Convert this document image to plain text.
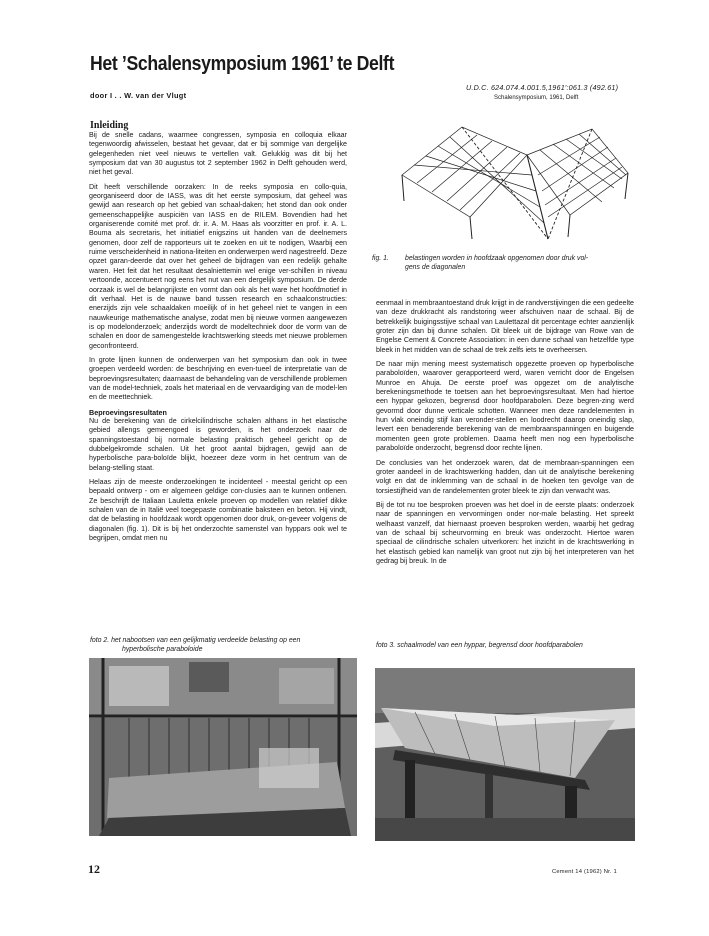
Het ’Schalensymposium 1961’ te Delft
door I . . W. van der Vlugt
U.D.C. 624.074.4.001.5,1961':061.3 (492.61)
Schalensymposium, 1961, Delft
Inleiding

Bij de snelle cadans, waarmee congressen, symposia en colloquia elkaar tegenwoordig afwisselen, bestaat het gevaar, dat er bij sommige van dergelijke gelegenheden niet veel nieuws te vertellen valt. Gelukkig was dit bij het symposium dat van 30 augustus tot 2 september 1962 in Delft gehouden werd, niet het geval.

Dit heeft verschillende oorzaken: In de reeks symposia en collo-quia, georganiseerd door de IASS, was dit het eerste symposium, dat geheel was gewijd aan research op het gebied van schaal-daken; het stond dan ook onder gemeenschappelijke auspiciën van IASS en de RILEM. Bovendien had het organiserende comité met prof. dr. ir. A. M. Haas als voorzitter en prof. ir. A. L. Bouma als secretaris, het initiatief enigszins uit handen van de deelnemers genomen, door zelf de rapporteurs uit te zoeken en uit te nodigen, Waarbij een ruime verscheidenheid in nationa-liteiten en onderwerpen werd nagestreefd. Deze opzet garan-deerde dat over het geheel de bijdragen van een redelijk gehalte waren. Het feit dat het resultaat desalniettemin wel enige ver-schillen in niveau vertoonde, accentueert nog eens het nut van een dergelijk symposium. De derde oorzaak is wel de belangrijkste en vormt dan ook als het ware het hoofdmotief in dit verhaal. Het is de nauwe band tussen research en schaalconstructies: enerzijds zijn vele schaaldaken moeilijk of in het geheel niet te vangen in een nauwkeurige mathematische analyse, zodat men bij nieuwe vormen aangewezen is op modelonderzoek; anderzijds wordt de modeltechniek door de vorm van de schalen en door de samengestelde krachtswerking steeds met nieuwe problemen geconfronteerd.

In grote lijnen kunnen de onderwerpen van het symposium dan ook in twee groepen verdeeld worden: de beschrijving en even-tueel de interpretatie van de beproevingsresultaten; daarnaast de behandeling van de verschillende problemen van de model-techniek, zoals het materiaal en de vervaardiging van de model-len en de meettechniek.

Beproevingsresultaten

Nu de berekening van de cirkelcilindrische schalen althans in het elastische gebied allengs gemeengoed is geworden, is het onderzoek naar de spanningstoestand bij normale belasting praktisch geheel gericht op de dubbelgekromde schalen. Uit het groot aantal bijdragen, gewijd aan de hyperbolische para-boloïde blijkt, hoezeer deze vorm in het centrum van de belang-stelling staat.

Helaas zijn de meeste onderzoekingen te incidenteel - meestal gericht op een bepaald ontwerp - om er algemeen geldige con-clusies aan te kunnen ontlenen. Ze beschrijft de Italiaan Lauletta enkele proeven op modellen van relatief dikke schalen van de in Italië veel toegepaste combinatie baksteen en beton. Hij vindt, dat de belasting in hoofdzaak wordt opgenomen door druk, on-geveer volgens de diagonalen (fig. 1). Dit is bij het onderzochte samenstel van hyppars ook wel te begrijpen, omdat men nu

fig. 1. belastingen worden in hoofdzaak opgenomen door druk vol-
gens de diagonalen

eenmaal in membraantoestand druk krijgt in de randverstijvingen die een gedeelte van deze drukkracht als randstoring weer afschuiven naar de schaal. Bij de betrekkelijk buigingsstijve schaal van Laulettazal dit percentage echter aanzienlijk groter zijn dan bij dunne schalen. Dit bleek uit de bijdrage van Rowe van de Engelse Cement & Concrete Association: in een dunne schaal van hetzelfde type bleek in het midden van de schaal de trek zelfs iets te overheersen.

De naar mijn mening meest systematisch opgezette proeven op hyperbolische paraboloïden, waarover gerapporteerd werd, waren verricht door de Engelsen Munroe en Ahuja. De eerste proef was opgezet om de analytische berekeningsmethode te toetsen aan het beproevingsresultaat. Men had hiertoe een hyppar gekozen, begrensd door hoofdparabolen. Deze begren-zing werd gevormd door dunne verticale schotten. Wanneer men deze randelementen in hun vlak oneindig stijf kan veronder-stellen en loodrecht daarop oneindig slap, levert een benaderende berekening van de membraanspanningen en buigende momenten geen grote problemen. Daama heeft men nog een hyperbolische paraboloïde onderzocht, begrensd door rechte lijnen.

De conclusies van het onderzoek waren, dat de membraan-spanningen een groter aandeel in de krachtswerking hadden, dan uit de analytische berekening volgt en dat de inklemming van de schaal in de hoeken ten gevolge van de torsiestijfheid van de randelementen groter bleek te zijn dan verwacht was.

Bij de tot nu toe besproken proeven was het doel in de eerste plaats: onderzoek naar de spanningen en vervormingen onder nor-male belasting. Het spreekt welhaast vanzelf, dat hiernaast proeven besproken werden, waarbij het gedrag van de schaal bij scheurvorming en breuk was onderzocht. Hiertoe waren speciaal de cilindrische schalen uitverkoren: het inzicht in de krachtswerking in het elastisch gebied kan namelijk van groot nut zijn bij het interpreteren van het gedrag bij breuk. In de

foto 2. het nabootsen van een gelijkmatig verdeelde belasting op een
hyperbolische paraboloide
foto 3. schaalmodel van een hyppar, begrensd door hoofdparabolen
12	Cement 14 (1962) Nr. 1
